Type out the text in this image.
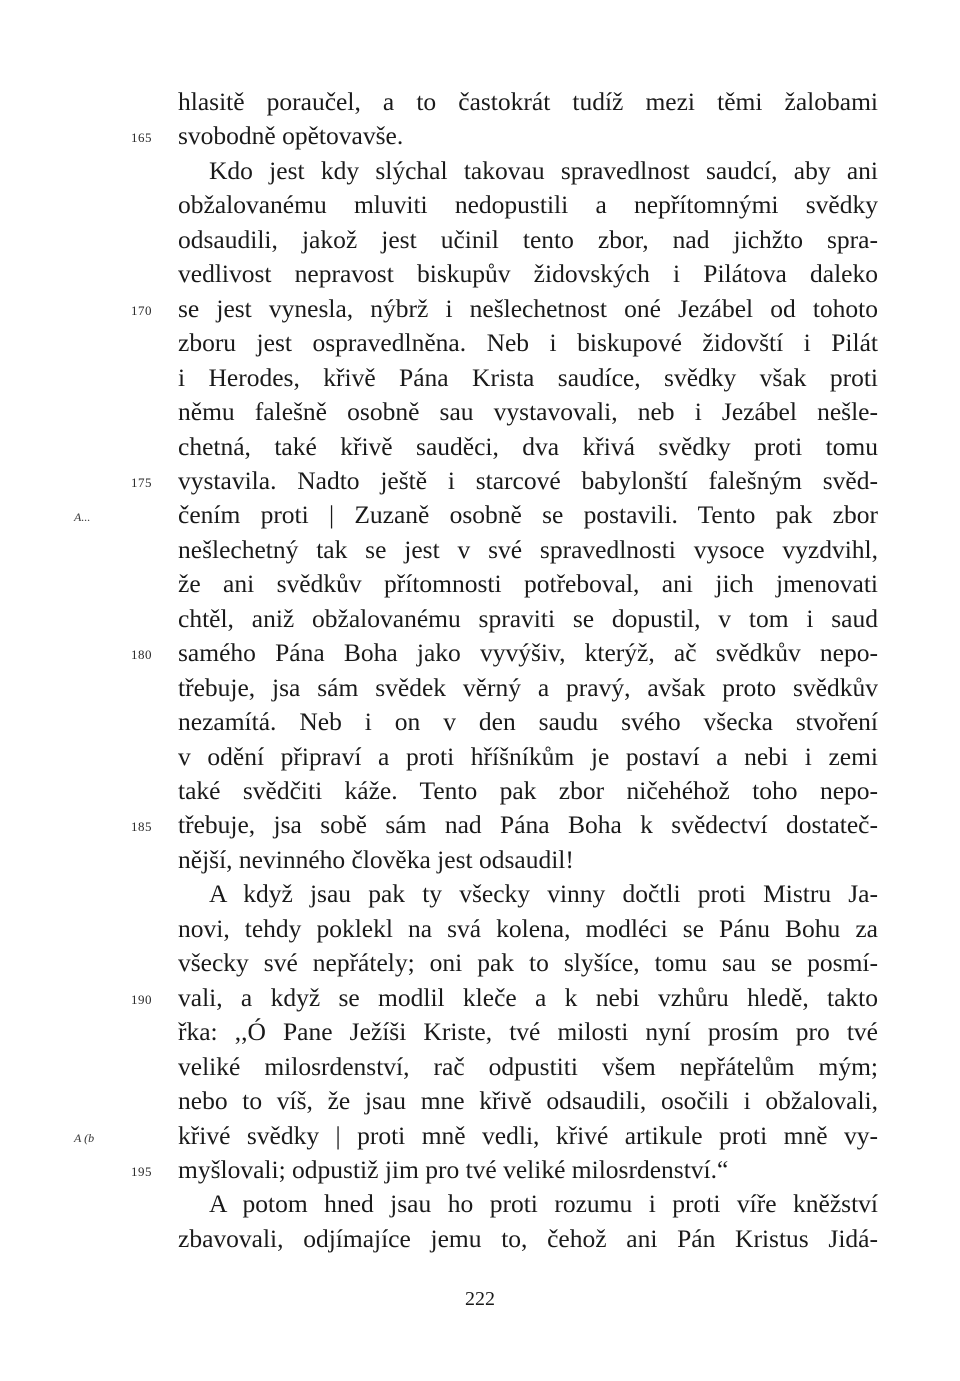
hlasitě poraučel, a to častokrát tudíž mezi těmi žalobami
svobodně opětovavše.
Kdo jest kdy slýchal takovau spravedlnost saudcí, aby ani
obžalovanému mluviti nedopustili a nepřítomnými svědky
odsaudili, jakož jest učinil tento zbor, nad jichžto spra-
vedlivost nepravost biskupův židovských i Pilátova daleko
se jest vynesla, nýbrž i nešlechetnost oné Jezábel od tohoto
zboru jest ospravedlněna. Neb i biskupové židovští i Pilát
i Herodes, křivě Pána Krista saudíce, svědky však proti
němu falešně osobně sau vystavovali, neb i Jezábel nešle-
chetná, také křivě sauděci, dva křivá svědky proti tomu
vystavila. Nadto ještě i starcové babylonští falešným svěd-
čením proti | Zuzaně osobně se postavili. Tento pak zbor
nešlechetný tak se jest v své spravedlnosti vysoce vyzdvihl,
že ani svědkův přítomnosti potřeboval, ani jich jmenovati
chtěl, aniž obžalovanému spraviti se dopustil, v tom i saud
samého Pána Boha jako vyvýšiv, kterýž, ač svědkův nepo-
třebuje, jsa sám svědek věrný a pravý, avšak proto svědkův
nezamítá. Neb i on v den saudu svého všecka stvoření
v odění připraví a proti hříšníkům je postaví a nebi i zemi
také svědčiti káže. Tento pak zbor ničehéhož toho nepo-
třebuje, jsa sobě sám nad Pána Boha k svědectví dostateč-
nější, nevinného člověka jest odsaudil!
A když jsau pak ty všecky vinny dočtli proti Mistru Ja-
novi, tehdy poklekl na svá kolena, modléci se Pánu Bohu za
všecky své nepřátely; oni pak to slyšíce, tomu sau se posmí-
vali, a když se modlil kleče a k nebi vzhůru hledě, takto
řka: ,,Ó Pane Ježíši Kriste, tvé milosti nyní prosím pro tvé
veliké milosrdenství, rač odpustiti všem nepřátelům mým;
nebo to víš, že jsau mne křivě odsaudili, osočili i obžalovali,
křivé svědky | proti mně vedli, křivé artikule proti mně vy-
myšlovali; odpustiž jim pro tvé veliké milosrdenství.“
A potom hned jsau ho proti rozumu i proti víře kněžství
zbavovali, odjímajíce jemu to, čehož ani Pán Kristus Jidá-
165
170
175
180
185
190
195
A...
A (b
222
